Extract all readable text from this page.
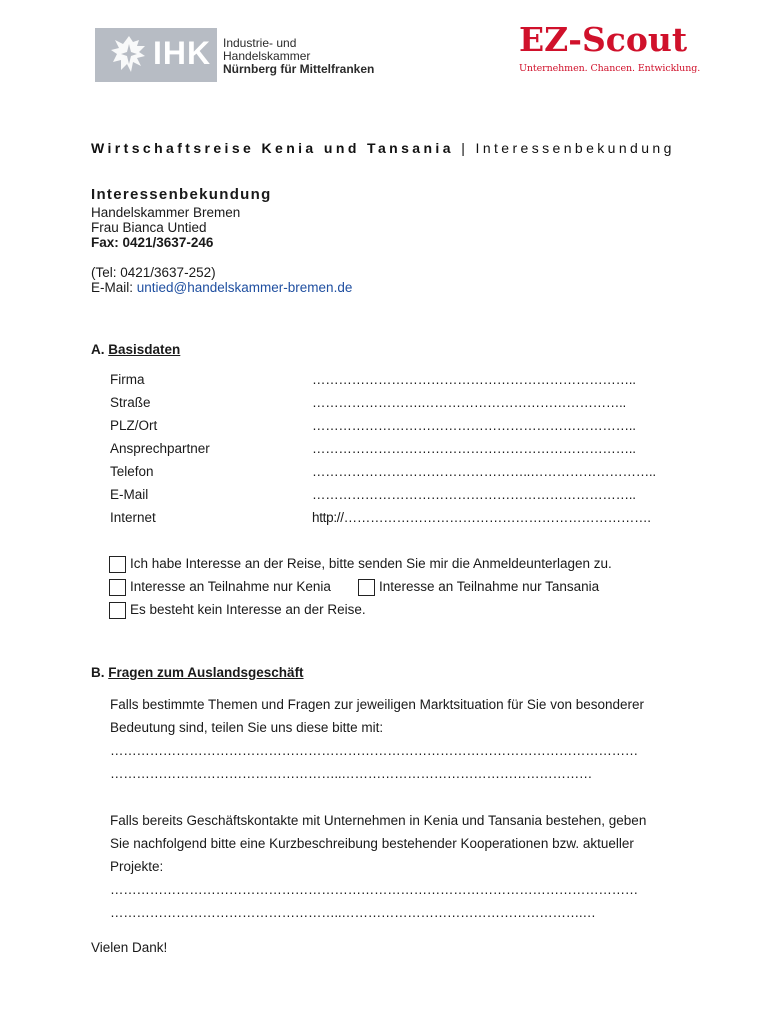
IHK Industrie- und Handelskammer
Nürnberg für Mittelfranken
EZ-Scout
Unternehmen. Chancen. Entwicklung.
Wirtschaftsreise Kenia und Tansania | Interessenbekundung
Interessenbekundung
Handelskammer Bremen
Frau Bianca Untied
Fax: 0421/3637-246
(Tel: 0421/3637-252)
E-Mail: untied@handelskammer-bremen.de
A. Basisdaten
Firma	………………………………………………………………..
Straße	…………………….………………………………………..
PLZ/Ort	………………………………………………………………..
Ansprechpartner	………………………………………………………………..
Telefon	…………………………………………..………………………..
E-Mail	………………………………………………………………..
Internet	http://…………………………………………………………….
Ich habe Interesse an der Reise, bitte senden Sie mir die Anmeldeunterlagen zu.
Interesse an Teilnahme nur Kenia	Interesse an Teilnahme nur Tansania
Es besteht kein Interesse an der Reise.
B. Fragen zum Auslandsgeschäft
Falls bestimmte Themen und Fragen zur jeweiligen Marktsituation für Sie von besonderer
Bedeutung sind, teilen Sie uns diese bitte mit:
…………………………………………………………………………………………………………
……………………………………………..…………………………………………………
Falls bereits Geschäftskontakte mit Unternehmen in Kenia und Tansania bestehen, geben
Sie nachfolgend bitte eine Kurzbeschreibung bestehender Kooperationen bzw. aktueller
Projekte:
…………………………………………………………………………………………………………
……………………………………………..……………………………………………….…
Vielen Dank!
